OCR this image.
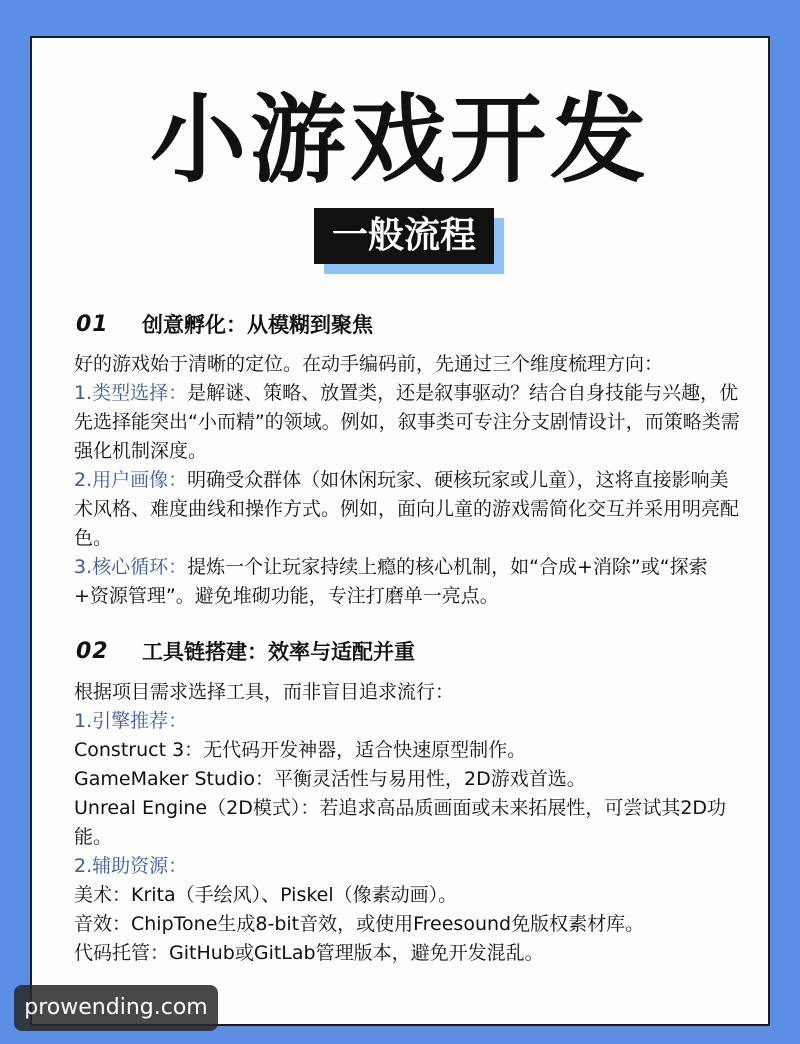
小游戏开发
一般流程
01	创意孵化：从模糊到聚焦

好的游戏始于清晰的定位。在动手编码前，先通过三个维度梳理方向：

1.类型选择：是解谜、策略、放置类，还是叙事驱动？结合自身技能与兴趣，优先选择能突出“小而精”的领域。例如，叙事类可专注分支剧情设计，而策略类需强化机制深度。

2.用户画像：明确受众群体（如休闲玩家、硬核玩家或儿童），这将直接影响美术风格、难度曲线和操作方式。例如，面向儿童的游戏需简化交互并采用明亮配色。

3.核心循环：提炼一个让玩家持续上瘾的核心机制，如“合成+消除”或“探索+资源管理”。避免堆砌功能，专注打磨单一亮点。

02	工具链搭建：效率与适配并重

根据项目需求选择工具，而非盲目追求流行：

1.引擎推荐：

Construct 3：无代码开发神器，适合快速原型制作。

GameMaker Studio：平衡灵活性与易用性，2D游戏首选。

Unreal Engine（2D模式）：若追求高品质画面或未来拓展性，可尝试其2D功能。

2.辅助资源：

美术：Krita（手绘风）、Piskel（像素动画）。

音效：ChipTone生成8-bit音效，或使用Freesound免版权素材库。

代码托管：GitHub或GitLab管理版本，避免开发混乱。

prowending.com
